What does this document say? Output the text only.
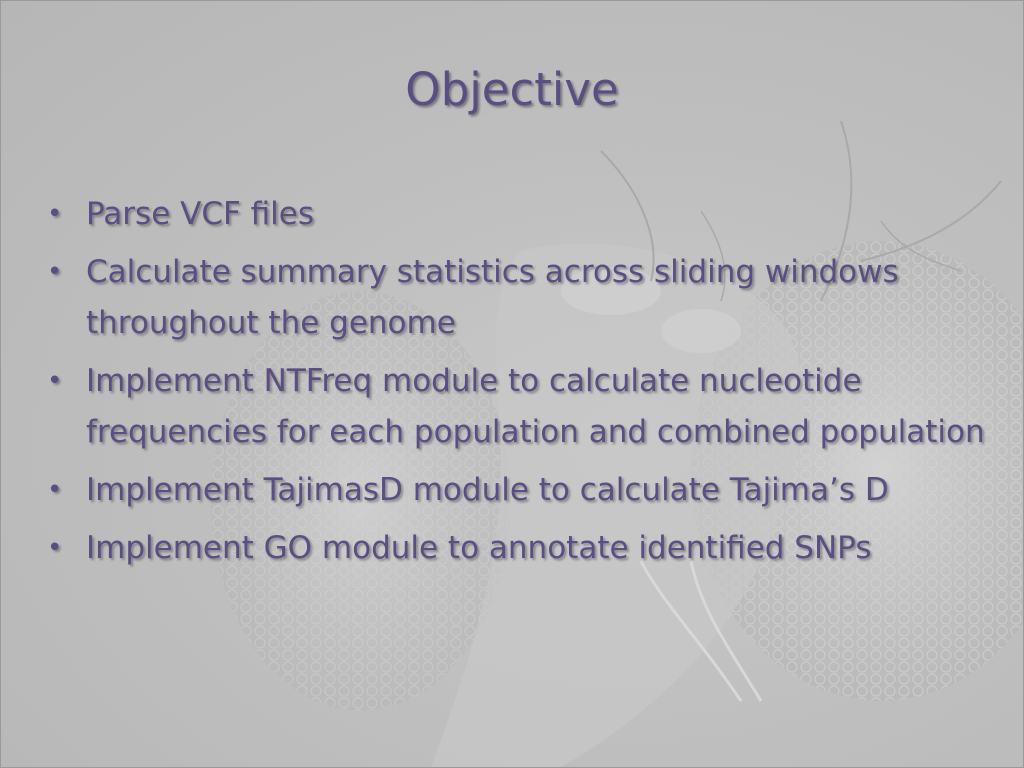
Objective
• Parse VCF files
• Calculate summary statistics across sliding windows throughout the genome
• Implement NTFreq module to calculate nucleotide frequencies for each population and combined population
• Implement TajimasD module to calculate Tajima’s D
• Implement GO module to annotate identified SNPs
